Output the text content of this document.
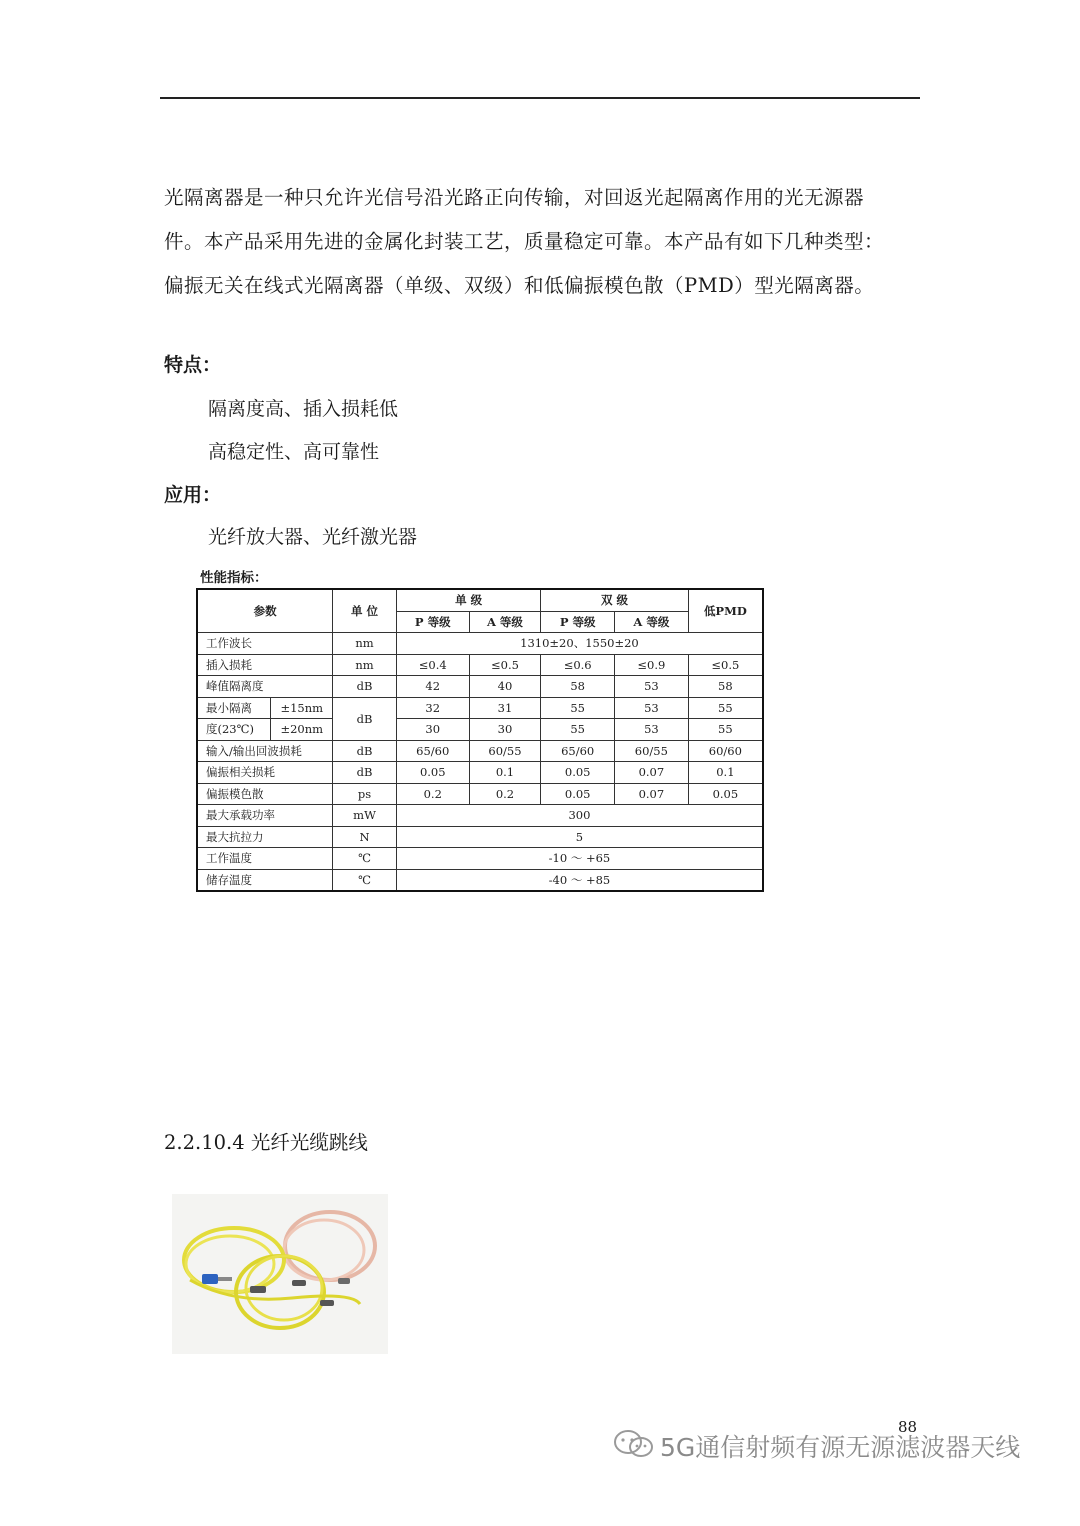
光隔离器是一种只允许光信号沿光路正向传输，对回返光起隔离作用的光无源器

件。本产品采用先进的金属化封装工艺，质量稳定可靠。本产品有如下几种类型：

偏振无关在线式光隔离器（单级、双级）和低偏振模色散（PMD）型光隔离器。

特点：

隔离度高、插入损耗低

高稳定性、高可靠性

应用：

光纤放大器、光纤激光器

性能指标：
参数		单 位	单 级		双 级		低PMD
			P 等级	A 等级	P 等级	A 等级	
工作波长		nm	1310±20、1550±20				
插入损耗		nm	≤0.4	≤0.5	≤0.6	≤0.9	≤0.5
峰值隔离度		dB	42	40	58	53	58
最小隔离	±15nm	dB	32	31	55	53	55
度(23℃)	±20nm		30	30	55	53	55
输入/输出回波损耗		dB	65/60	60/55	65/60	60/55	60/60
偏振相关损耗		dB	0.05	0.1	0.05	0.07	0.1
偏振模色散		ps	0.2	0.2	0.05	0.07	0.05
最大承载功率		mW	300				
最大抗拉力		N	5				
工作温度		℃	-10 ～ +65				
储存温度		℃	-40 ～ +85				

2.2.10.4 光纤光缆跳线

88
5G通信射频有源无源滤波器天线
